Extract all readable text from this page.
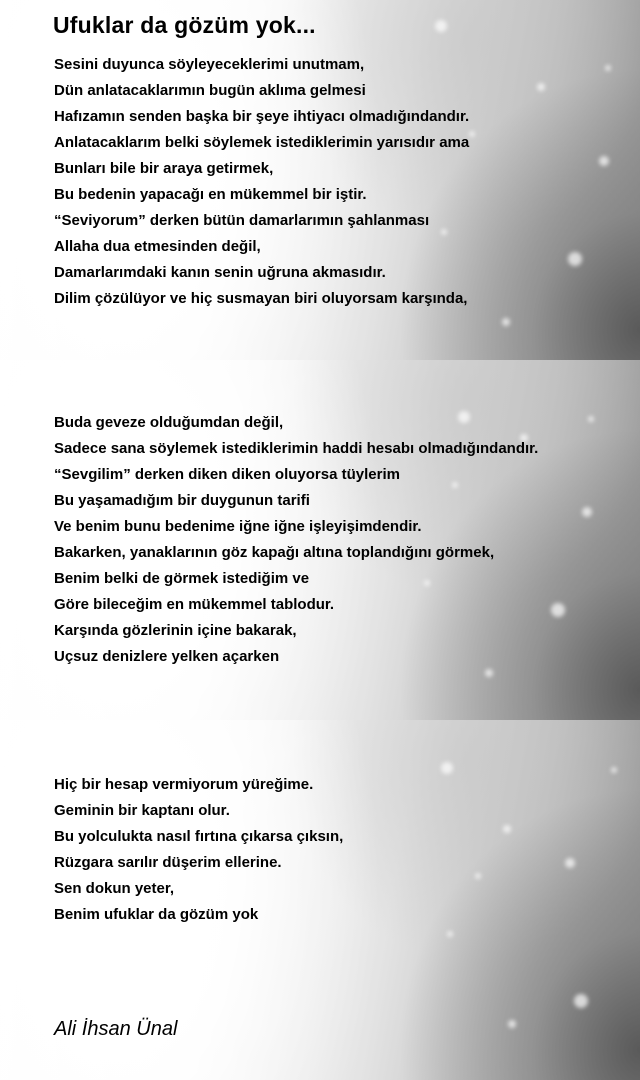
Ufuklar da gözüm yok...
Sesini duyunca söyleyeceklerimi unutmam,
Dün anlatacaklarımın bugün aklıma gelmesi
Hafızamın senden başka bir şeye ihtiyacı olmadığındandır.
Anlatacaklarım belki söylemek istediklerimin yarısıdır ama
Bunları bile bir araya getirmek,
Bu bedenin yapacağı en mükemmel bir iştir.
“Seviyorum” derken bütün damarlarımın şahlanması
Allaha dua etmesinden değil,
Damarlarımdaki kanın senin uğruna akmasıdır.
Dilim çözülüyor ve hiç susmayan biri oluyorsam karşında,
Buda geveze olduğumdan değil,
Sadece sana söylemek istediklerimin haddi hesabı olmadığındandır.
“Sevgilim” derken diken diken oluyorsa tüylerim
Bu yaşamadığım bir duygunun tarifi
Ve benim bunu bedenime iğne iğne işleyişimdendir.
Bakarken, yanaklarının göz kapağı altına toplandığını görmek,
Benim belki de görmek istediğim ve
Göre bileceğim en mükemmel tablodur.
Karşında gözlerinin içine bakarak,
Uçsuz denizlere yelken açarken
Hiç bir hesap vermiyorum yüreğime.
Geminin bir kaptanı olur.
Bu yolculukta nasıl fırtına çıkarsa çıksın,
Rüzgara sarılır düşerim ellerine.
Sen dokun yeter,
Benim ufuklar da gözüm yok

Ali İhsan Ünal
